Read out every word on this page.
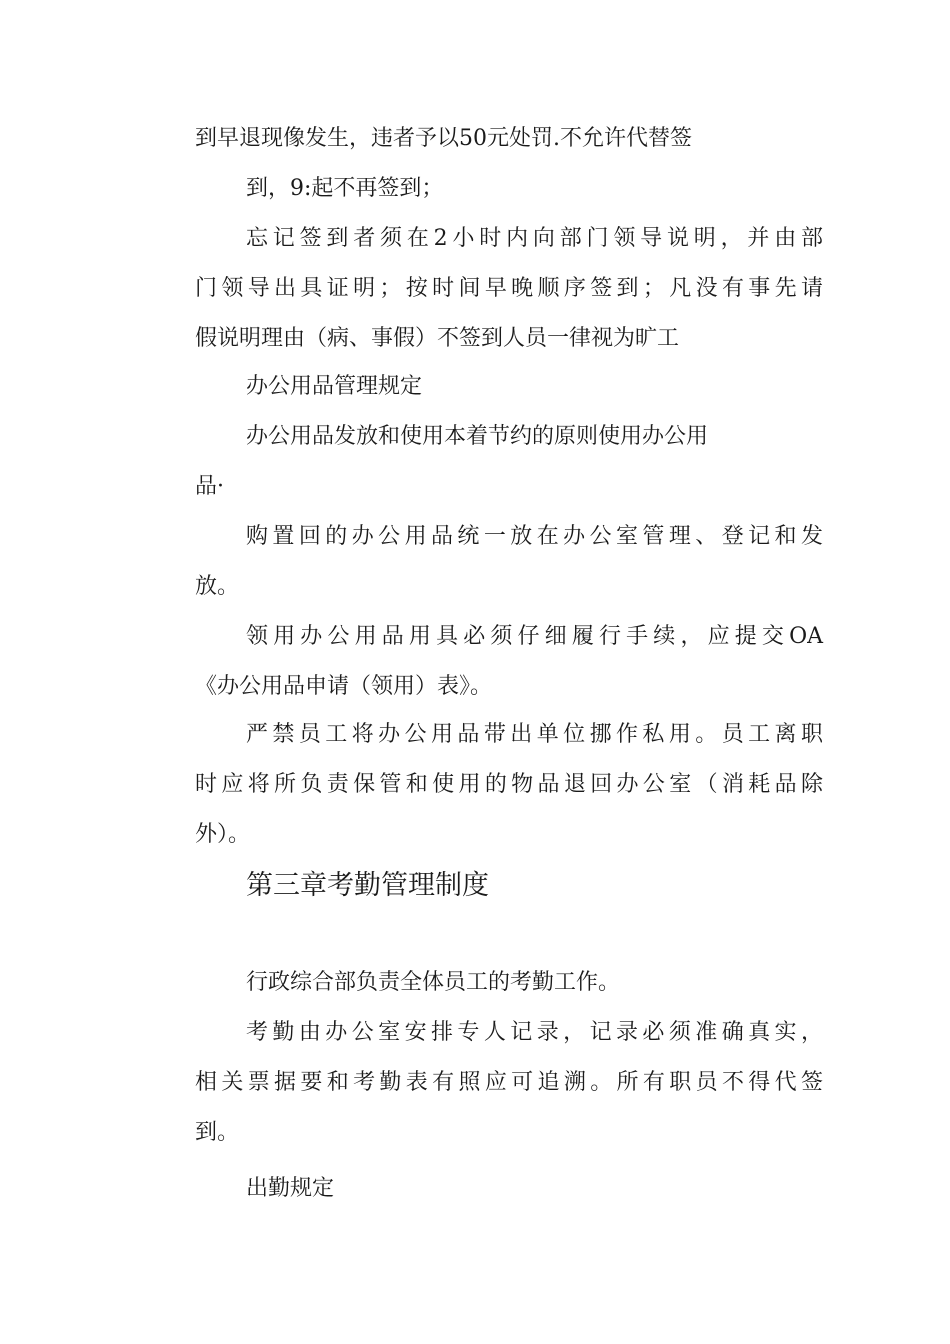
到早退现像发生，违者予以50元处罚.不允许代替签
到，9:起不再签到；
忘记签到者须在2小时内向部门领导说明，并由部
门领导出具证明；按时间早晚顺序签到；凡没有事先请
假说明理由（病、事假）不签到人员一律视为旷工
办公用品管理规定
办公用品发放和使用本着节约的原则使用办公用
品·
购置回的办公用品统一放在办公室管理、登记和发
放。
领用办公用品用具必须仔细履行手续，应提交OA
《办公用品申请（领用）表》。
严禁员工将办公用品带出单位挪作私用。员工离职
时应将所负责保管和使用的物品退回办公室（消耗品除
外）。
第三章考勤管理制度
行政综合部负责全体员工的考勤工作。
考勤由办公室安排专人记录，记录必须准确真实，
相关票据要和考勤表有照应可追溯。所有职员不得代签
到。
出勤规定
